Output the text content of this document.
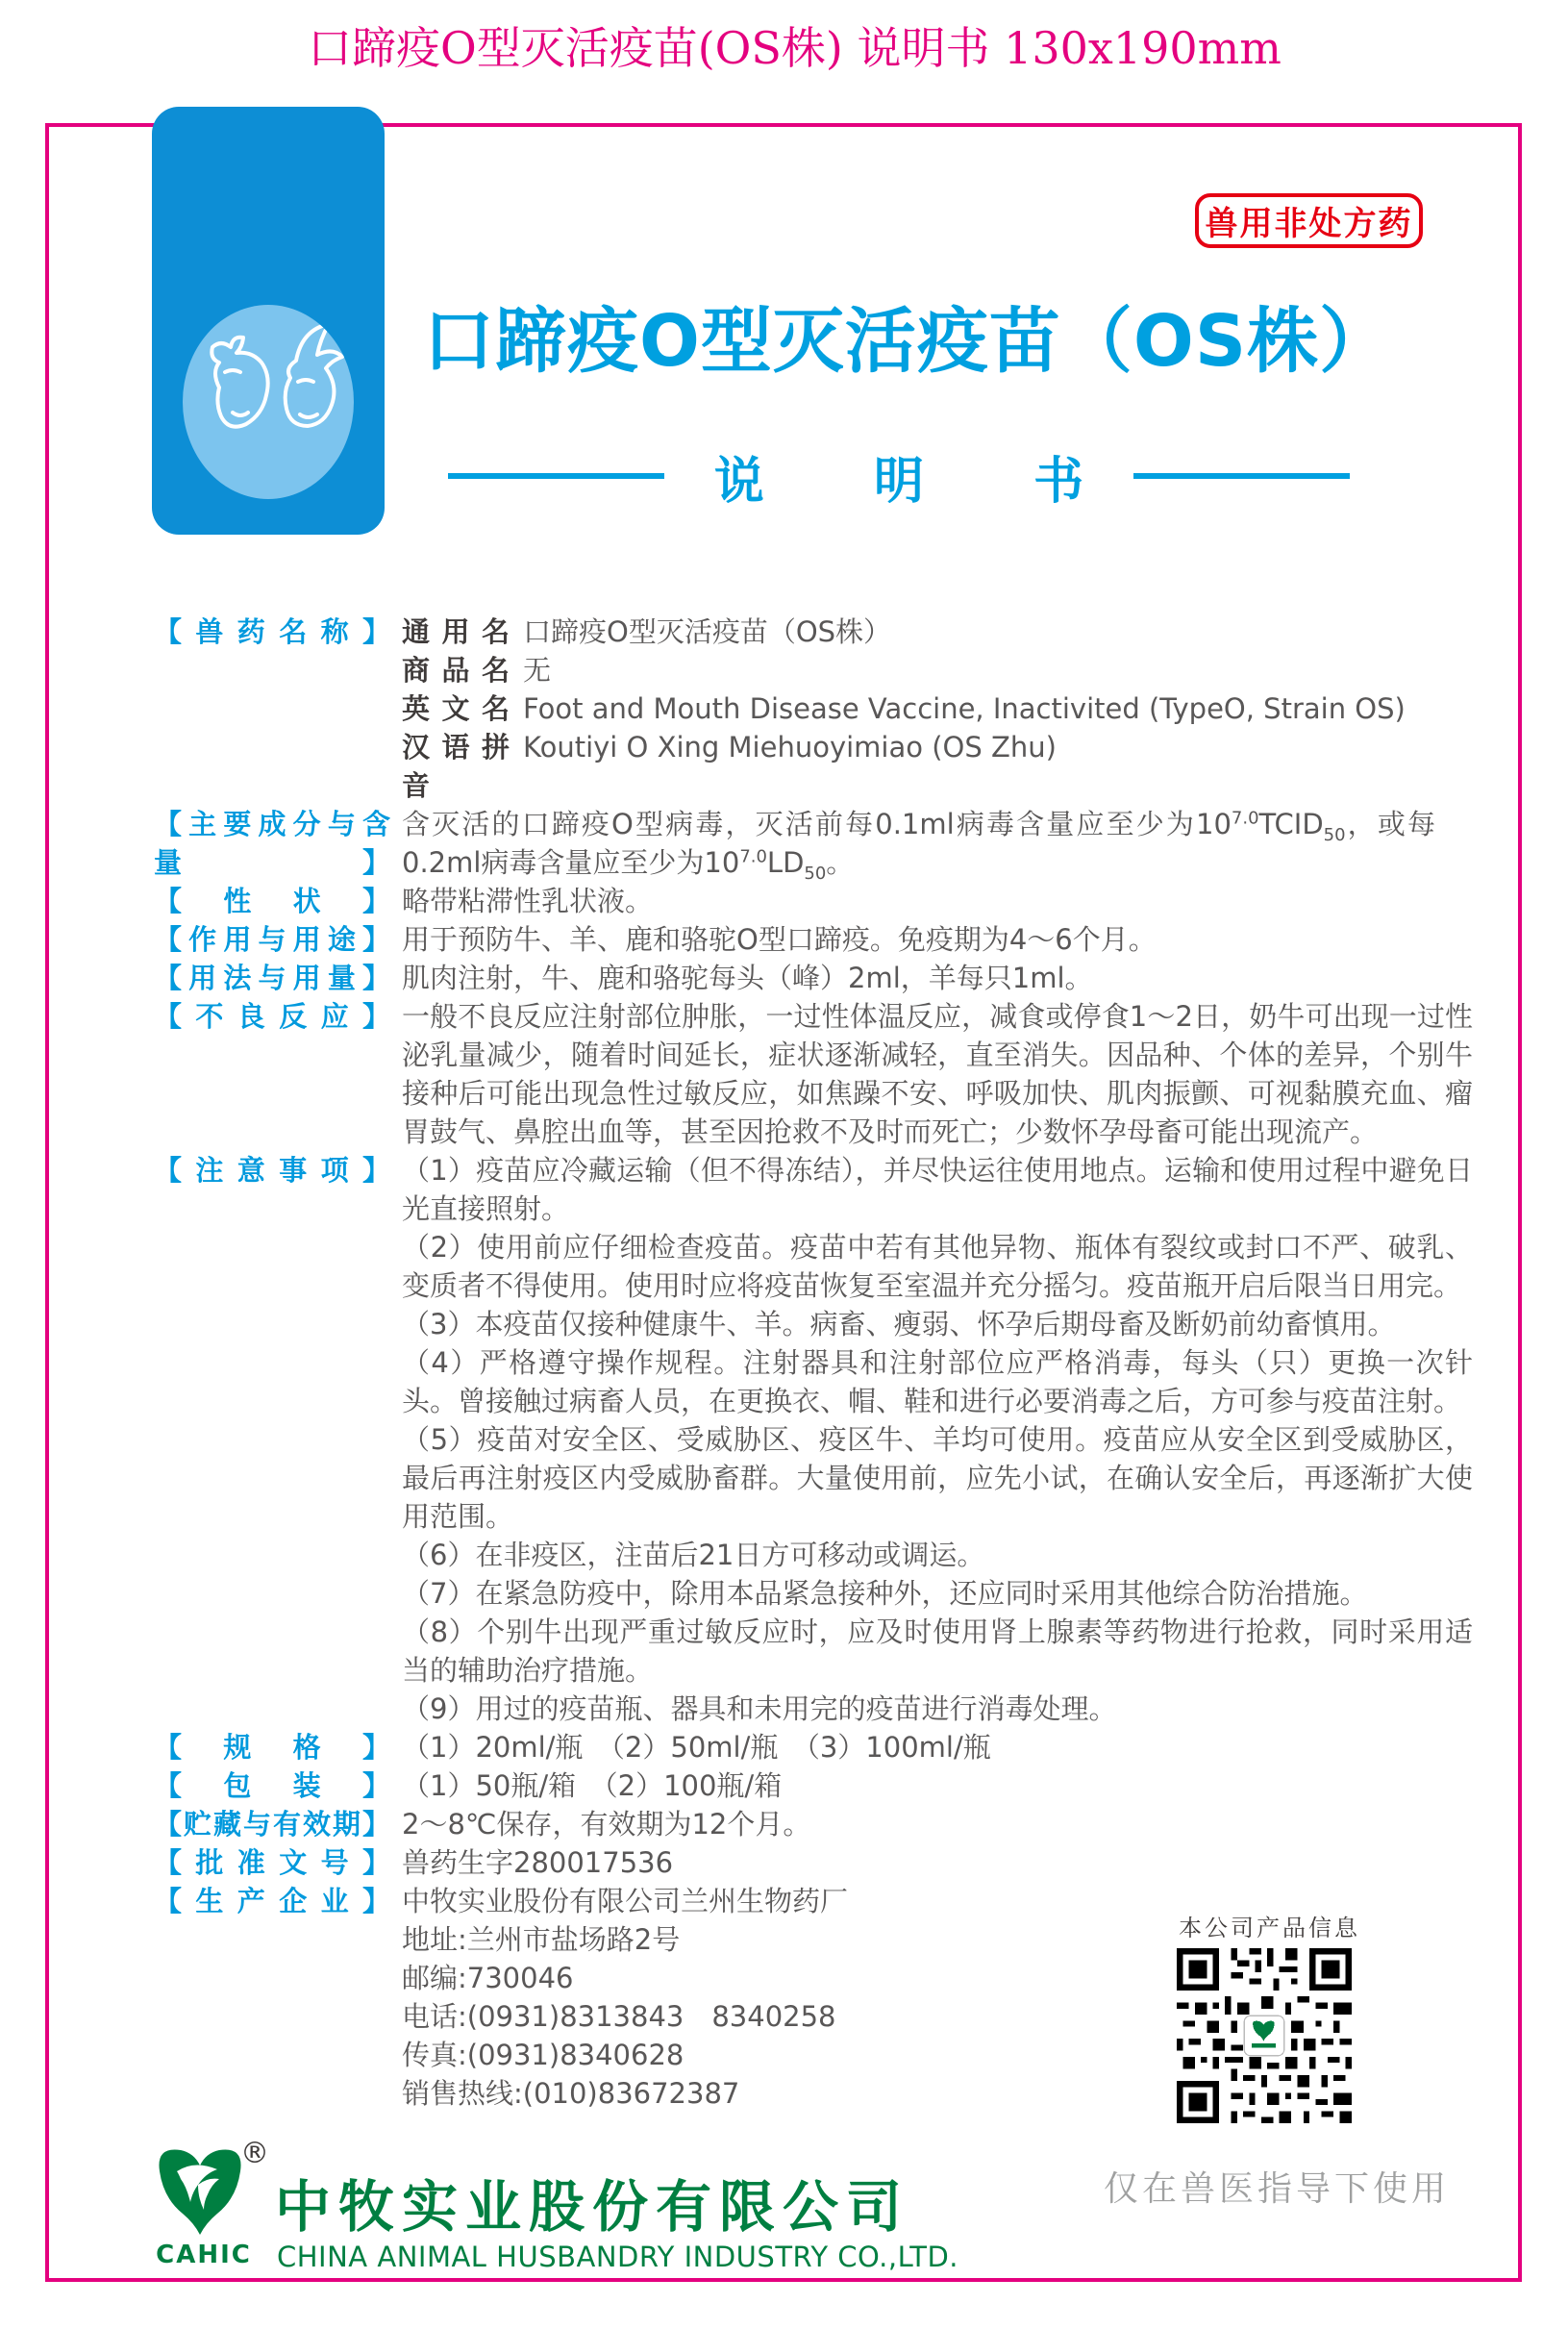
口蹄疫O型灭活疫苗(OS株) 说明书 130x190mm
兽用非处方药
口蹄疫O型灭活疫苗（OS株）
说 明 书
【兽药名称】 通用名 口蹄疫O型灭活疫苗（OS株）
商品名 无
英文名 Foot and Mouth Disease Vaccine, Inactivited (TypeO, Strain OS)
汉语拼音
Koutiyi O Xing Miehuoyimiao (OS Zhu)
【主要成分与含量】
含灭活的口蹄疫O型病毒，灭活前每0.1ml病毒含量应至少为$10^{7.0}TCID_{50}$，或每0.2ml病毒含量应至少为$10^{7.0}LD_{50}$。
【性状】 略带粘滞性乳状液。
【作用与用途】 用于预防牛、羊、鹿和骆驼O型口蹄疫。免疫期为4～6个月。
【用法与用量】 肌肉注射，牛、鹿和骆驼每头（峰）2ml，羊每只1ml。
【不良反应】 一般不良反应注射部位肿胀，一过性体温反应，减食或停食1～2日，奶牛可出现一过性泌乳量减少，随着时间延长，症状逐渐减轻，直至消失。因品种、个体的差异，个别牛接种后可能出现急性过敏反应，如焦躁不安、呼吸加快、肌肉振颤、可视黏膜充血、瘤胃鼓气、鼻腔出血等，甚至因抢救不及时而死亡；少数怀孕母畜可能出现流产。
【注意事项】 （1）疫苗应冷藏运输（但不得冻结），并尽快运往使用地点。运输和使用过程中避免日光直接照射。
（2）使用前应仔细检查疫苗。疫苗中若有其他异物、瓶体有裂纹或封口不严、破乳、变质者不得使用。使用时应将疫苗恢复至室温并充分摇匀。疫苗瓶开启后限当日用完。
（3）本疫苗仅接种健康牛、羊。病畜、瘦弱、怀孕后期母畜及断奶前幼畜慎用。
（4）严格遵守操作规程。注射器具和注射部位应严格消毒，每头（只）更换一次针头。曾接触过病畜人员，在更换衣、帽、鞋和进行必要消毒之后，方可参与疫苗注射。
（5）疫苗对安全区、受威胁区、疫区牛、羊均可使用。疫苗应从安全区到受威胁区，最后再注射疫区内受威胁畜群。大量使用前，应先小试，在确认安全后，再逐渐扩大使用范围。
（6）在非疫区，注苗后21日方可移动或调运。
（7）在紧急防疫中，除用本品紧急接种外，还应同时采用其他综合防治措施。
（8）个别牛出现严重过敏反应时，应及时使用肾上腺素等药物进行抢救，同时采用适当的辅助治疗措施。
（9）用过的疫苗瓶、器具和未用完的疫苗进行消毒处理。
【规格】 （1）20ml/瓶　（2）50ml/瓶　（3）100ml/瓶
【包装】 （1）50瓶/箱　（2）100瓶/箱
【贮藏与有效期】 2～8℃保存，有效期为12个月。
【批准文号】 兽药生字280017536
【生产企业】 中牧实业股份有限公司兰州生物药厂
地址:兰州市盐场路2号
邮编:730046
电话:(0931)8313843　8340258
传真:(0931)8340628
销售热线:(010)83672387
本公司产品信息
仅在兽医指导下使用
CAHIC
®
中牧实业股份有限公司
CHINA ANIMAL HUSBANDRY INDUSTRY CO.,LTD.
